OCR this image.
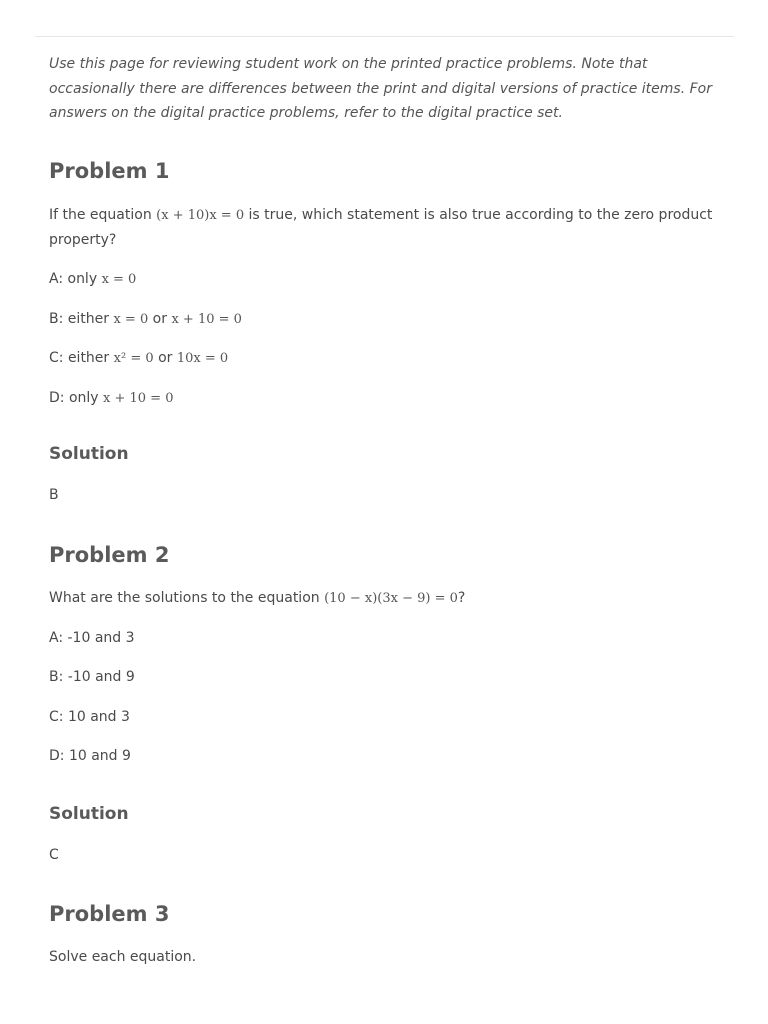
Use this page for reviewing student work on the printed practice problems. Note that occasionally there are differences between the print and digital versions of practice items. For answers on the digital practice problems, refer to the digital practice set.

Problem 1

If the equation (x + 10)x = 0 is true, which statement is also true according to the zero product property?

A: only x = 0

B: either x = 0 or x + 10 = 0

C: either x² = 0 or 10x = 0

D: only x + 10 = 0

Solution

B

Problem 2

What are the solutions to the equation (10 − x)(3x − 9) = 0?

A: -10 and 3

B: -10 and 9

C: 10 and 3

D: 10 and 9

Solution

C

Problem 3

Solve each equation.
